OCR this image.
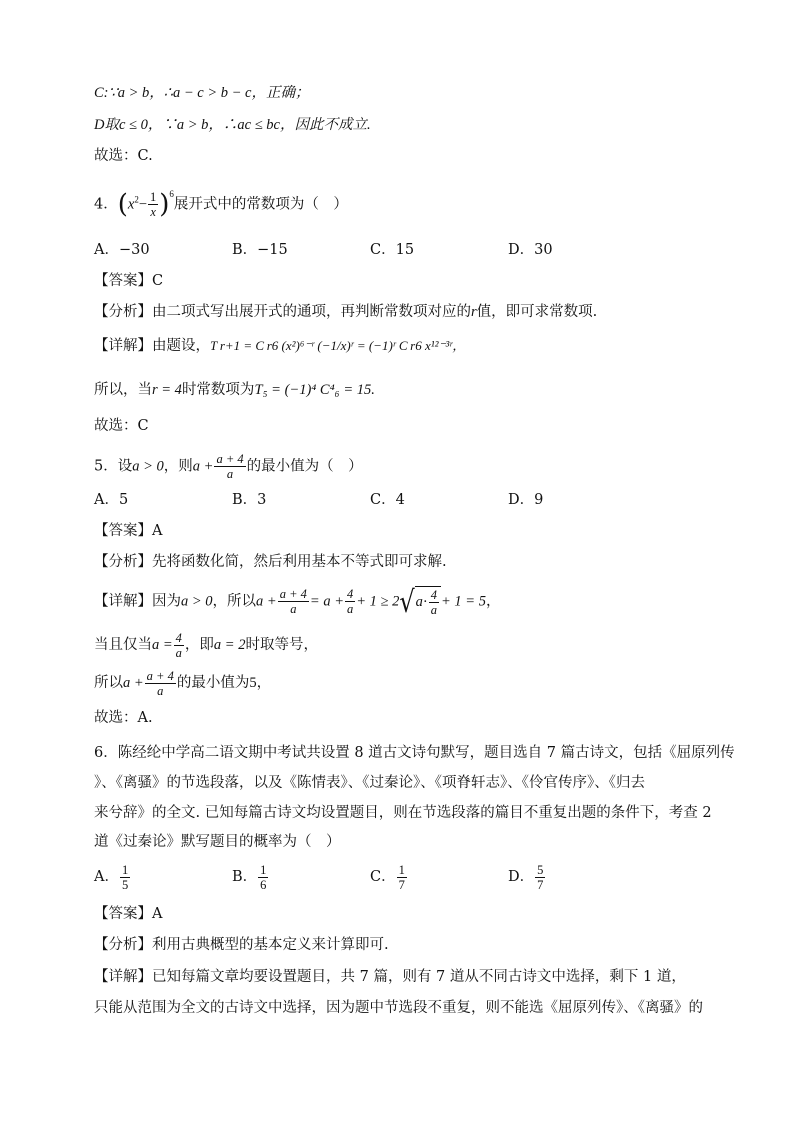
C:∵a > b，∴a − c > b − c，正确；
D取c ≤ 0，∵a > b，∴ac ≤ bc，因此不成立.
故选：C.
4．$(x^2- \frac{1}{x} )^6$展开式中的常数项为（　）
A．−30	B．−15	C．15	D．30
【答案】C
【分析】由二项式写出展开式的通项，再判断常数项对应的r值，即可求常数项.
【详解】由题设，T r+1 = C r6 (x²)⁶⁻ʳ (−1/x)ʳ = (−1)ʳ C r6 x¹²⁻³ʳ，
所以，当r = 4时常数项为T₅ = (−1)⁴ C⁴₆ = 15.
故选：C
5．设a > 0，则$a + \frac{a + 4}{a}$ 的最小值为（　）
A．5	B．3	C．4	D．9
【答案】A
【分析】先将函数化简，然后利用基本不等式即可求解.
【详解】因为a > 0，所以$a + \frac{a + 4}{a} = a + \frac{4}{a} + 1 \ge 2$ √ $a \cdot \frac{4}{a} + 1 = 5$，
当且仅当$a = \frac{4}{a}$ ，即a = 2时取等号，
所以$a + \frac{a + 4}{a}$ 的最小值为5，
故选：A.
6．陈经纶中学高二语文期中考试共设置 8 道古文诗句默写，题目选自 7 篇古诗文，包括《屈原列传
》、《离骚》的节选段落，以及《陈情表》、《过秦论》、《项脊轩志》、《伶官传序》、《归去
来兮辞》的全文. 已知每篇古诗文均设置题目，则在节选段落的篇目不重复出题的条件下，考查 2
道《过秦论》默写题目的概率为（　）
A． $\frac{1}{5}$	B． $\frac{1}{6}$	C． $\frac{1}{7}$	D． $\frac{5}{7}$
【答案】A
【分析】利用古典概型的基本定义来计算即可.
【详解】已知每篇文章均要设置题目，共 7 篇，则有 7 道从不同古诗文中选择，剩下 1 道，
只能从范围为全文的古诗文中选择，因为题中节选段不重复，则不能选《屈原列传》、《离骚》的
